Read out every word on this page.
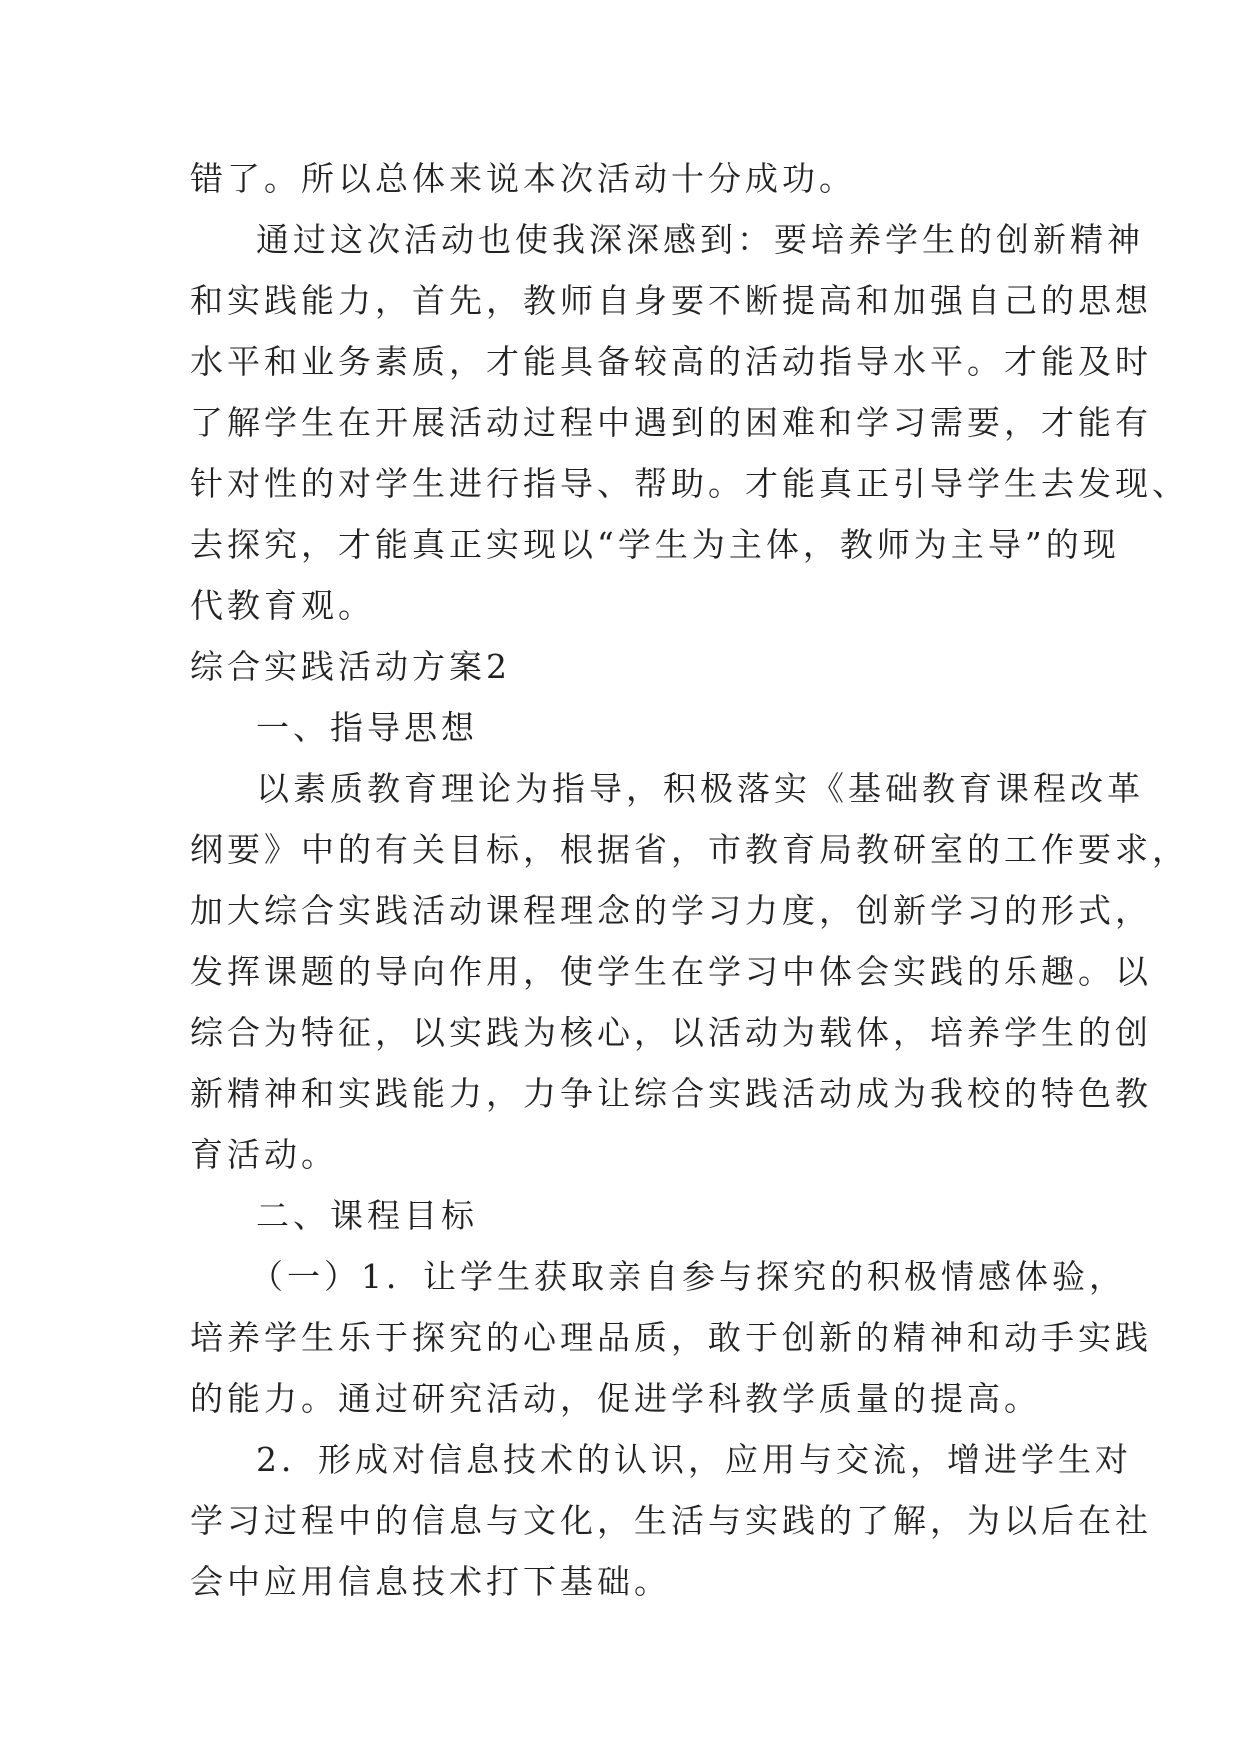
错了。所以总体来说本次活动十分成功。
通过这次活动也使我深深感到：要培养学生的创新精神
和实践能力，首先，教师自身要不断提高和加强自己的思想
水平和业务素质，才能具备较高的活动指导水平。才能及时
了解学生在开展活动过程中遇到的困难和学习需要，才能有
针对性的对学生进行指导、帮助。才能真正引导学生去发现、
去探究，才能真正实现以“学生为主体，教师为主导”的现
代教育观。
综合实践活动方案2
一、指导思想
以素质教育理论为指导，积极落实《基础教育课程改革
纲要》中的有关目标，根据省，市教育局教研室的工作要求，
加大综合实践活动课程理念的学习力度，创新学习的形式，
发挥课题的导向作用，使学生在学习中体会实践的乐趣。以
综合为特征，以实践为核心，以活动为载体，培养学生的创
新精神和实践能力，力争让综合实践活动成为我校的特色教
育活动。
二、课程目标
（一）1．让学生获取亲自参与探究的积极情感体验，
培养学生乐于探究的心理品质，敢于创新的精神和动手实践
的能力。通过研究活动，促进学科教学质量的提高。
2．形成对信息技术的认识，应用与交流，增进学生对
学习过程中的信息与文化，生活与实践的了解，为以后在社
会中应用信息技术打下基础。
